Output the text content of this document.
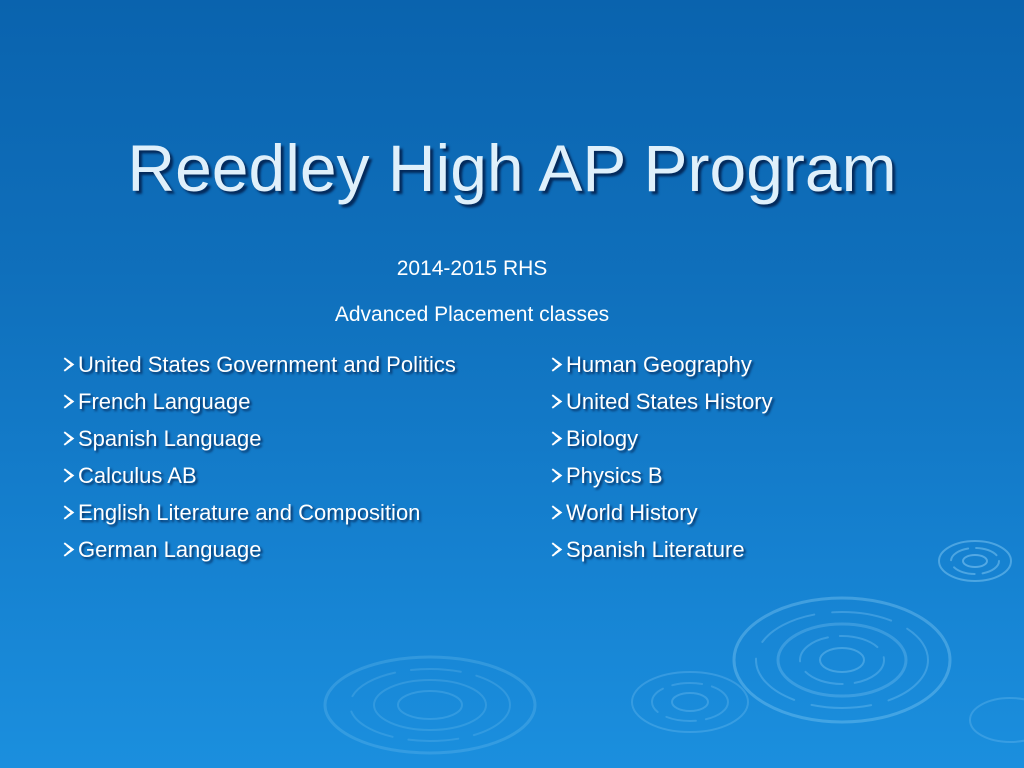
Reedley High AP Program
2014-2015 RHS
Advanced Placement classes
United States Government and Politics
French Language
Spanish Language
Calculus AB
English Literature and Composition
German Language
Human Geography
United States History
Biology
Physics B
World History
Spanish Literature
